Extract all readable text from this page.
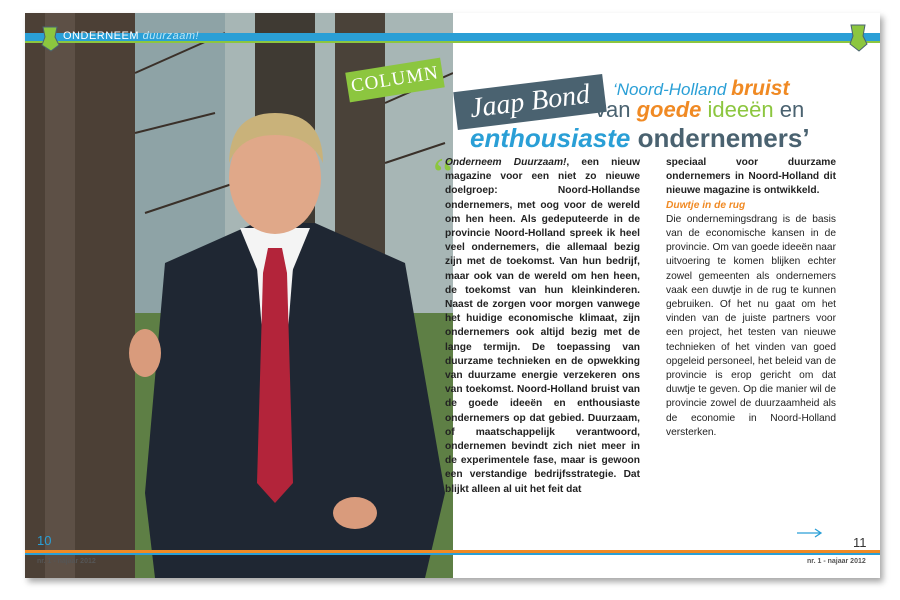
ONDERNEEM duurzaam!
COLUMN	Jaap Bond	‘Noord-Holland bruist
van goede ideeën en
enthousiaste ondernemers’
“

Onderneem Duurzaam!, een nieuw magazine voor een niet zo nieuwe doelgroep: Noord-Hollandse ondernemers, met oog voor de wereld om hen heen. Als gedeputeerde in de provincie Noord-Holland spreek ik heel veel ondernemers, die allemaal bezig zijn met de toekomst. Van hun bedrijf, maar ook van de wereld om hen heen, de toekomst van hun kleinkinderen. Naast de zorgen voor morgen vanwege het huidige economische klimaat, zijn ondernemers ook altijd bezig met de lange termijn. De toepassing van duurzame technieken en de opwekking van duurzame energie verzekeren ons van toekomst. Noord-Holland bruist van de goede ideeën en enthousiaste ondernemers op dat gebied. Duurzaam, of maatschappelijk verantwoord, ondernemen bevindt zich niet meer in de experimentele fase, maar is gewoon een verstandige bedrijfsstrategie. Dat blijkt alleen al uit het feit dat

speciaal voor duurzame ondernemers in Noord-Holland dit nieuwe magazine is ontwikkeld.

Duwtje in de rug

Die ondernemingsdrang is de basis van de economische kansen in de provincie. Om van goede ideeën naar uitvoering te komen blijken echter zowel gemeenten als ondernemers vaak een duwtje in de rug te kunnen gebruiken. Of het nu gaat om het vinden van de juiste partners voor een project, het testen van nieuwe technieken of het vinden van goed opgeleid personeel, het beleid van de provincie is erop gericht om dat duwtje te geven. Op die manier wil de provincie zowel de duurzaamheid als de economie in Noord-Holland versterken.

10	11
nr. 1 - najaar 2012	nr. 1 - najaar 2012
